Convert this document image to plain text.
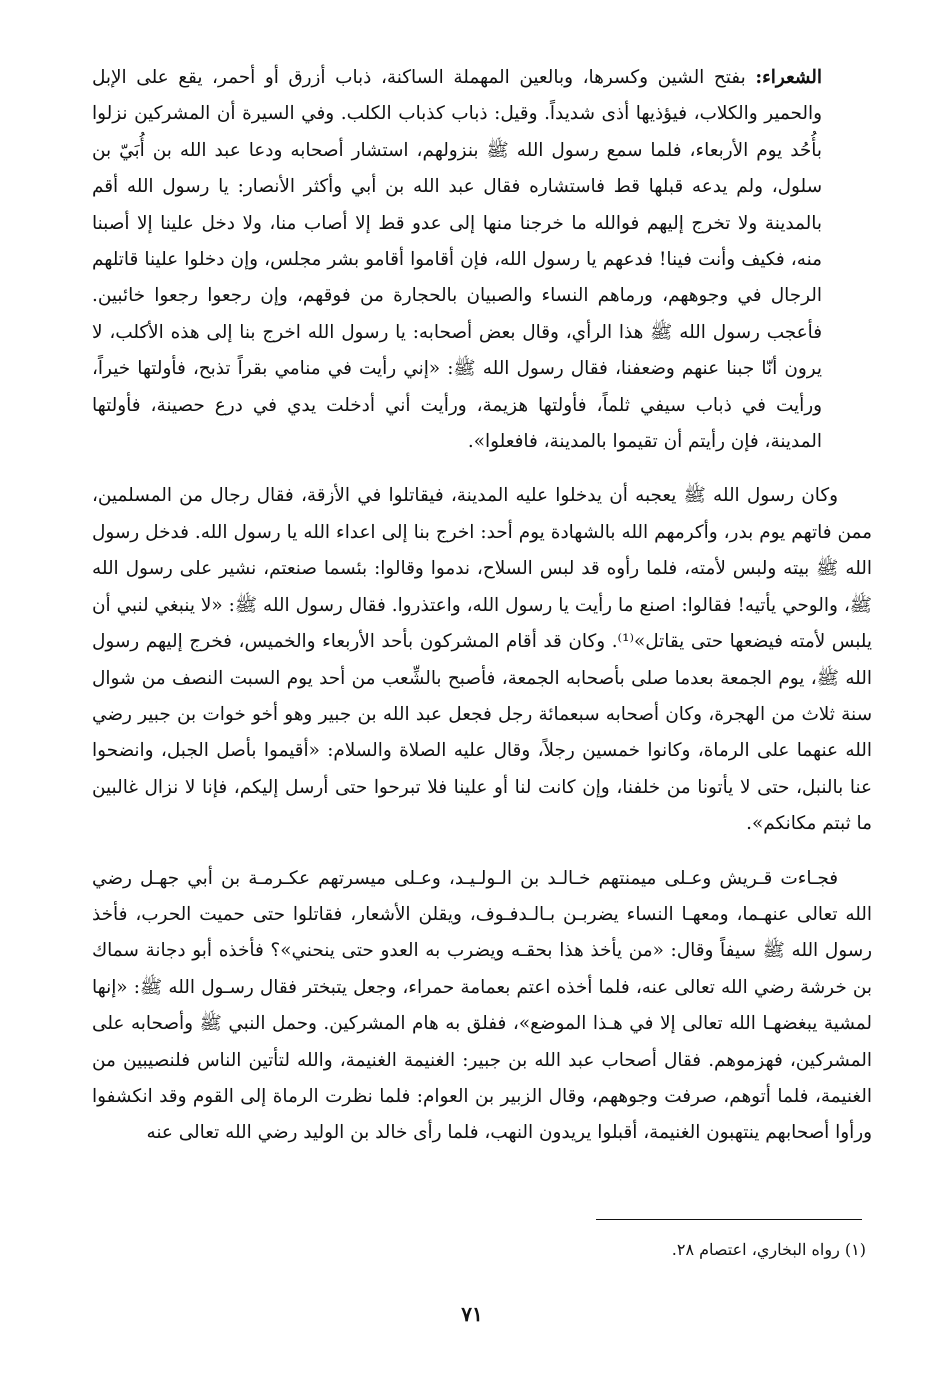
الشعراء: بفتح الشين وكسرها، وبالعين المهملة الساكنة، ذباب أزرق أو أحمر، يقع على الإبل والحمير والكلاب، فيؤذيها أذى شديداً. وقيل: ذباب كذباب الكلب. وفي السيرة أن المشركين نزلوا بأُحُد يوم الأربعاء، فلما سمع رسول الله ﷺ بنزولهم، استشار أصحابه ودعا عبد الله بن أُبَيّ بن سلول، ولم يدعه قبلها قط فاستشاره فقال عبد الله بن أبي وأكثر الأنصار: يا رسول الله أقم بالمدينة ولا تخرج إليهم فوالله ما خرجنا منها إلى عدو قط إلا أصاب منا، ولا دخل علينا إلا أصبنا منه، فكيف وأنت فينا! فدعهم يا رسول الله، فإن أقاموا أقامو بشر مجلس، وإن دخلوا علينا قاتلهم الرجال في وجوههم، ورماهم النساء والصبيان بالحجارة من فوقهم، وإن رجعوا رجعوا خائبين. فأعجب رسول الله ﷺ هذا الرأي، وقال بعض أصحابه: يا رسول الله اخرج بنا إلى هذه الأكلب، لا يرون أنّا جبنا عنهم وضعفنا، فقال رسول الله ﷺ: «إني رأيت في منامي بقراً تذبح، فأولتها خيراً، ورأيت في ذباب سيفي ثلماً، فأولتها هزيمة، ورأيت أني أدخلت يدي في درع حصينة، فأولتها المدينة، فإن رأيتم أن تقيموا بالمدينة، فافعلوا».

وكان رسول الله ﷺ يعجبه أن يدخلوا عليه المدينة، فيقاتلوا في الأزقة، فقال رجال من المسلمين، ممن فاتهم يوم بدر، وأكرمهم الله بالشهادة يوم أحد: اخرج بنا إلى اعداء الله يا رسول الله. فدخل رسول الله ﷺ بيته ولبس لأمته، فلما رأوه قد لبس السلاح، ندموا وقالوا: بئسما صنعتم، نشير على رسول الله ﷺ، والوحي يأتيه! فقالوا: اصنع ما رأيت يا رسول الله، واعتذروا. فقال رسول الله ﷺ: «لا ينبغي لنبي أن يلبس لأمته فيضعها حتى يقاتل»⁽¹⁾. وكان قد أقام المشركون بأحد الأربعاء والخميس، فخرج إليهم رسول الله ﷺ، يوم الجمعة بعدما صلى بأصحابه الجمعة، فأصبح بالشِّعب من أحد يوم السبت النصف من شوال سنة ثلاث من الهجرة، وكان أصحابه سبعمائة رجل فجعل عبد الله بن جبير وهو أخو خوات بن جبير رضي الله عنهما على الرماة، وكانوا خمسين رجلاً، وقال عليه الصلاة والسلام: «أقيموا بأصل الجبل، وانضحوا عنا بالنبل، حتى لا يأتونا من خلفنا، وإن كانت لنا أو علينا فلا تبرحوا حتى أرسل إليكم، فإنا لا نزال غالبين ما ثبتم مكانكم».

فجـاءت قـريش وعـلى ميمنتهم خـالـد بن الـولـيـد، وعـلى ميسرتهم عكـرمـة بن أبي جهـل رضي الله تعالى عنهـما، ومعهـا النساء يضربـن بـالـدفـوف، ويقلن الأشعار، فقاتلوا حتى حميت الحرب، فأخذ رسول الله ﷺ سيفاً وقال: «من يأخذ هذا بحقـه ويضرب به العدو حتى ينحني»؟ فأخذه أبو دجانة سماك بن خرشة رضي الله تعالى عنه، فلما أخذه اعتم بعمامة حمراء، وجعل يتبختر فقال رسـول الله ﷺ: «إنها لمشية يبغضهـا الله تعالى إلا في هـذا الموضع»، ففلق به هام المشركين. وحمل النبي ﷺ وأصحابه على المشركين، فهزموهم. فقال أصحاب عبد الله بن جبير: الغنيمة الغنيمة، والله لتأتين الناس فلنصيبين من الغنيمة، فلما أتوهم، صرفت وجوههم، وقال الزبير بن العوام: فلما نظرت الرماة إلى القوم وقد انكشفوا ورأوا أصحابهم ينتهبون الغنيمة، أقبلوا يريدون النهب، فلما رأى خالد بن الوليد رضي الله تعالى عنه

(١) رواه البخاري، اعتصام ٢٨.
٧١
